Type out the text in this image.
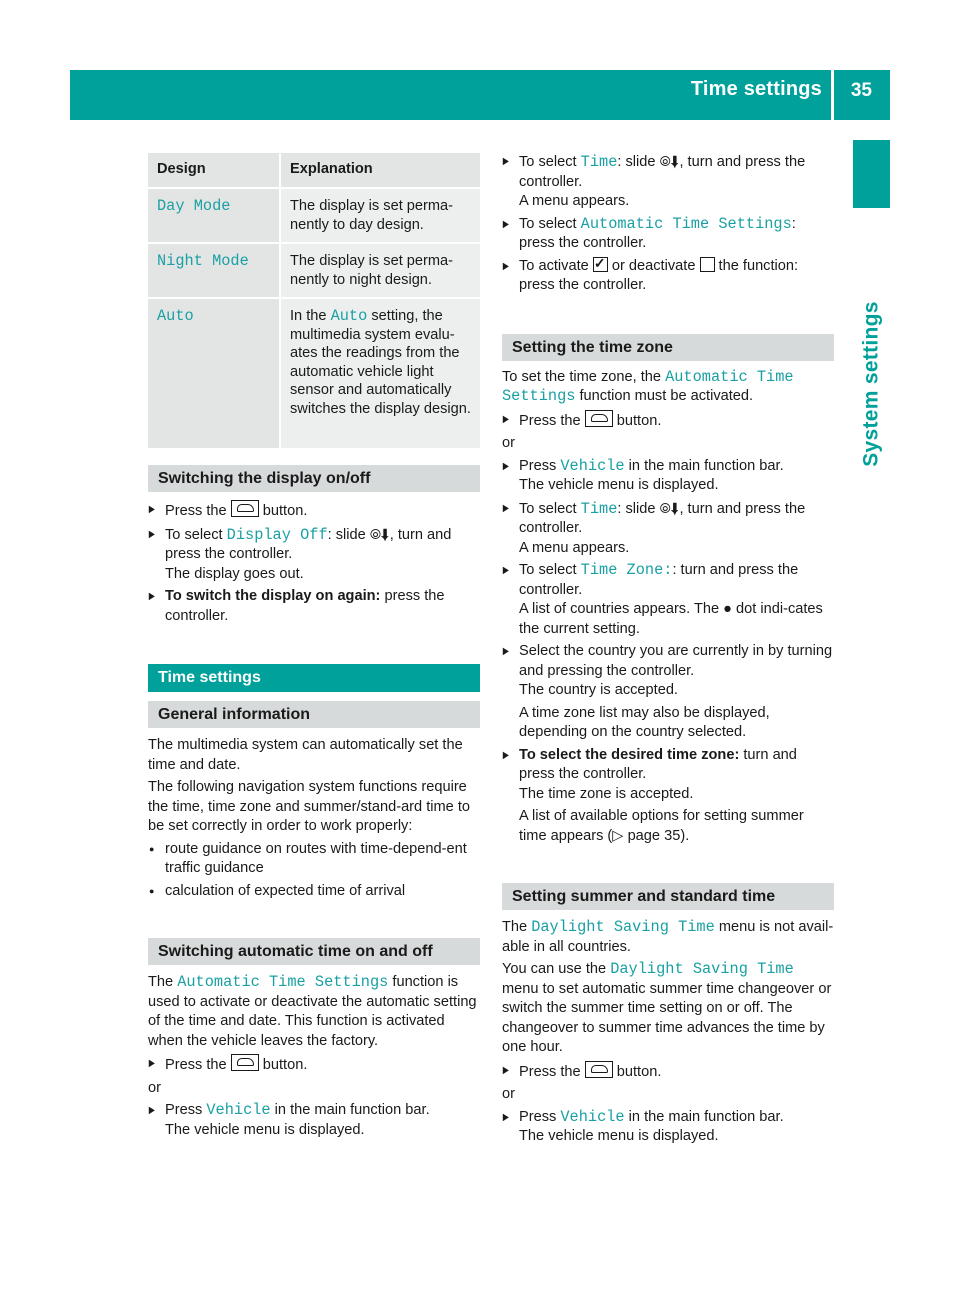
Time settings 35
System settings
Design	Explanation
Day Mode	The display is set perma-nently to day design.
Night Mode	The display is set perma-nently to night design.
Auto	In the Auto setting, the multimedia system evalu-ates the readings from the automatic vehicle light sensor and automatically switches the display design.
Switching the display on/off
▶ Press the  button.
▶ To select Display Off: slide ⦾⬇, turn and press the controller.
The display goes out.
▶ To switch the display on again: press the controller.
Time settings
General information

The multimedia system can automatically set the time and date.

The following navigation system functions require the time, time zone and summer/stand-ard time to be set correctly in order to work properly:

● route guidance on routes with time-depend-ent traffic guidance
● calculation of expected time of arrival
Switching automatic time on and off

The Automatic Time Settings function is used to activate or deactivate the automatic setting of the time and date. This function is activated when the vehicle leaves the factory.

▶ Press the  button.

or

▶ Press Vehicle in the main function bar.
The vehicle menu is displayed.
▶ To select Time: slide ⦾⬇, turn and press the controller.
A menu appears.
▶ To select Automatic Time Settings: press the controller.
▶ To activate ✓ or deactivate  the function: press the controller.
Setting the time zone

To set the time zone, the Automatic Time Settings function must be activated.

▶ Press the  button.

or

▶ Press Vehicle in the main function bar.
The vehicle menu is displayed.
▶ To select Time: slide ⦾⬇, turn and press the controller.
A menu appears.
▶ To select Time Zone:: turn and press the controller.
A list of countries appears. The ● dot indi-cates the current setting.
▶ Select the country you are currently in by turning and pressing the controller.
The country is accepted.
A time zone list may also be displayed, depending on the country selected.
▶ To select the desired time zone: turn and press the controller.
The time zone is accepted.
A list of available options for setting summer time appears (▷ page 35).
Setting summer and standard time

The Daylight Saving Time menu is not avail-able in all countries.

You can use the Daylight Saving Time menu to set automatic summer time changeover or switch the summer time setting on or off. The changeover to summer time advances the time by one hour.

▶ Press the  button.

or

▶ Press Vehicle in the main function bar.
The vehicle menu is displayed.
